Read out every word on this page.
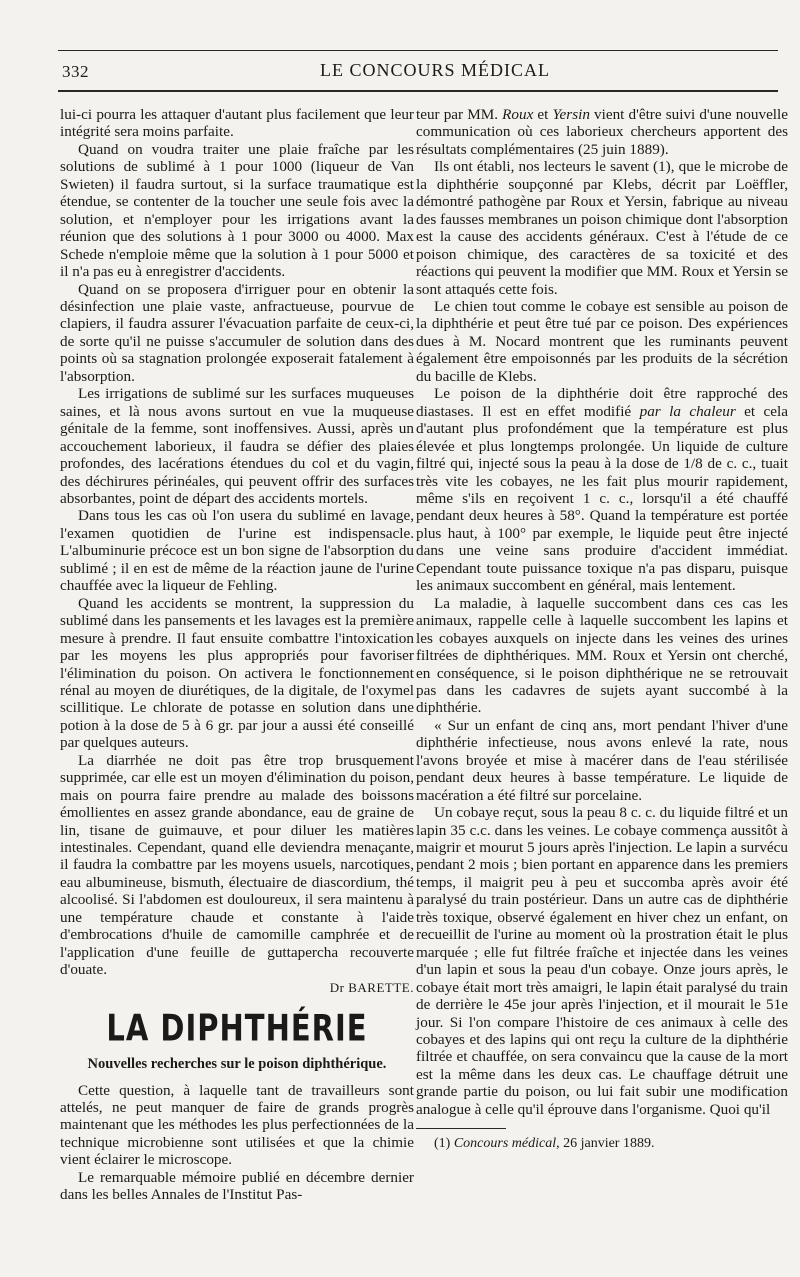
332	LE CONCOURS MÉDICAL

lui-ci pourra les attaquer d'autant plus facilement que leur intégrité sera moins parfaite.

Quand on voudra traiter une plaie fraîche par les solutions de sublimé à 1 pour 1000 (liqueur de Van Swieten) il faudra surtout, si la surface traumatique est étendue, se contenter de la toucher une seule fois avec la solution, et n'employer pour les irrigations avant la réunion que des solutions à 1 pour 3000 ou 4000. Max Schede n'emploie même que la solution à 1 pour 5000 et il n'a pas eu à enregistrer d'accidents.

Quand on se proposera d'irriguer pour en obtenir la désinfection une plaie vaste, anfractueuse, pourvue de clapiers, il faudra assurer l'évacuation parfaite de ceux-ci, de sorte qu'il ne puisse s'accumuler de solution dans des points où sa stagnation prolongée exposerait fatalement à l'absorption.

Les irrigations de sublimé sur les surfaces muqueuses saines, et là nous avons surtout en vue la muqueuse génitale de la femme, sont inoffensives. Aussi, après un accouchement laborieux, il faudra se défier des plaies profondes, des lacérations étendues du col et du vagin, des déchirures périnéales, qui peuvent offrir des surfaces absorbantes, point de départ des accidents mortels.

Dans tous les cas où l'on usera du sublimé en lavage, l'examen quotidien de l'urine est indispensacle. L'albuminurie précoce est un bon signe de l'absorption du sublimé ; il en est de même de la réaction jaune de l'urine chauffée avec la liqueur de Fehling.

Quand les accidents se montrent, la suppression du sublimé dans les pansements et les lavages est la première mesure à prendre. Il faut ensuite combattre l'intoxication par les moyens les plus appropriés pour favoriser l'élimination du poison. On activera le fonctionnement rénal au moyen de diurétiques, de la digitale, de l'oxymel scillitique. Le chlorate de potasse en solution dans une potion à la dose de 5 à 6 gr. par jour a aussi été conseillé par quelques auteurs.

La diarrhée ne doit pas être trop brusquement supprimée, car elle est un moyen d'élimination du poison, mais on pourra faire prendre au malade des boissons émollientes en assez grande abondance, eau de graine de lin, tisane de guimauve, et pour diluer les matières intestinales. Cependant, quand elle deviendra menaçante, il faudra la combattre par les moyens usuels, narcotiques, eau albumineuse, bismuth, électuaire de diascordium, thé alcoolisé. Si l'abdomen est douloureux, il sera maintenu à une température chaude et constante à l'aide d'embrocations d'huile de camomille camphrée et de l'application d'une feuille de guttapercha recouverte d'ouate.

Dr BARETTE.
LA DIPHTHÉRIE
Nouvelles recherches sur le poison diphthérique.

Cette question, à laquelle tant de travailleurs sont attelés, ne peut manquer de faire de grands progrès maintenant que les méthodes les plus perfectionnées de la technique microbienne sont utilisées et que la chimie vient éclairer le microscope.

Le remarquable mémoire publié en décembre dernier dans les belles Annales de l'Institut Pas-

teur par MM. Roux et Yersin vient d'être suivi d'une nouvelle communication où ces laborieux chercheurs apportent des résultats complémentaires (25 juin 1889).

Ils ont établi, nos lecteurs le savent (1), que le microbe de la diphthérie soupçonné par Klebs, décrit par Loëffler, démontré pathogène par Roux et Yersin, fabrique au niveau des fausses membranes un poison chimique dont l'absorption est la cause des accidents généraux. C'est à l'étude de ce poison chimique, des caractères de sa toxicité et des réactions qui peuvent la modifier que MM. Roux et Yersin se sont attaqués cette fois.

Le chien tout comme le cobaye est sensible au poison de la diphthérie et peut être tué par ce poison. Des expériences dues à M. Nocard montrent que les ruminants peuvent également être empoisonnés par les produits de la sécrétion du bacille de Klebs.

Le poison de la diphthérie doit être rapproché des diastases. Il est en effet modifié par la chaleur et cela d'autant plus profondément que la température est plus élevée et plus longtemps prolongée. Un liquide de culture filtré qui, injecté sous la peau à la dose de 1/8 de c. c., tuait très vite les cobayes, ne les fait plus mourir rapidement, même s'ils en reçoivent 1 c. c., lorsqu'il a été chauffé pendant deux heures à 58°. Quand la température est portée plus haut, à 100° par exemple, le liquide peut être injecté dans une veine sans produire d'accident immédiat. Cependant toute puissance toxique n'a pas disparu, puisque les animaux succombent en général, mais lentement.

La maladie, à laquelle succombent dans ces cas les animaux, rappelle celle à laquelle succombent les lapins et les cobayes auxquels on injecte dans les veines des urines filtrées de diphthériques. MM. Roux et Yersin ont cherché, en conséquence, si le poison diphthérique ne se retrouvait pas dans les cadavres de sujets ayant succombé à la diphthérie.

« Sur un enfant de cinq ans, mort pendant l'hiver d'une diphthérie infectieuse, nous avons enlevé la rate, nous l'avons broyée et mise à macérer dans de l'eau stérilisée pendant deux heures à basse température. Le liquide de macération a été filtré sur porcelaine.

Un cobaye reçut, sous la peau 8 c. c. du liquide filtré et un lapin 35 c.c. dans les veines. Le cobaye commença aussitôt à maigrir et mourut 5 jours après l'injection. Le lapin a survécu pendant 2 mois ; bien portant en apparence dans les premiers temps, il maigrit peu à peu et succomba après avoir été paralysé du train postérieur. Dans un autre cas de diphthérie très toxique, observé également en hiver chez un enfant, on recueillit de l'urine au moment où la prostration était le plus marquée ; elle fut filtrée fraîche et injectée dans les veines d'un lapin et sous la peau d'un cobaye. Onze jours après, le cobaye était mort très amaigri, le lapin était paralysé du train de derrière le 45e jour après l'injection, et il mourait le 51e jour. Si l'on compare l'histoire de ces animaux à celle des cobayes et des lapins qui ont reçu la culture de la diphthérie filtrée et chauffée, on sera convaincu que la cause de la mort est la même dans les deux cas. Le chauffage détruit une grande partie du poison, ou lui fait subir une modification analogue à celle qu'il éprouve dans l'organisme. Quoi qu'il

(1) Concours médical, 26 janvier 1889.
